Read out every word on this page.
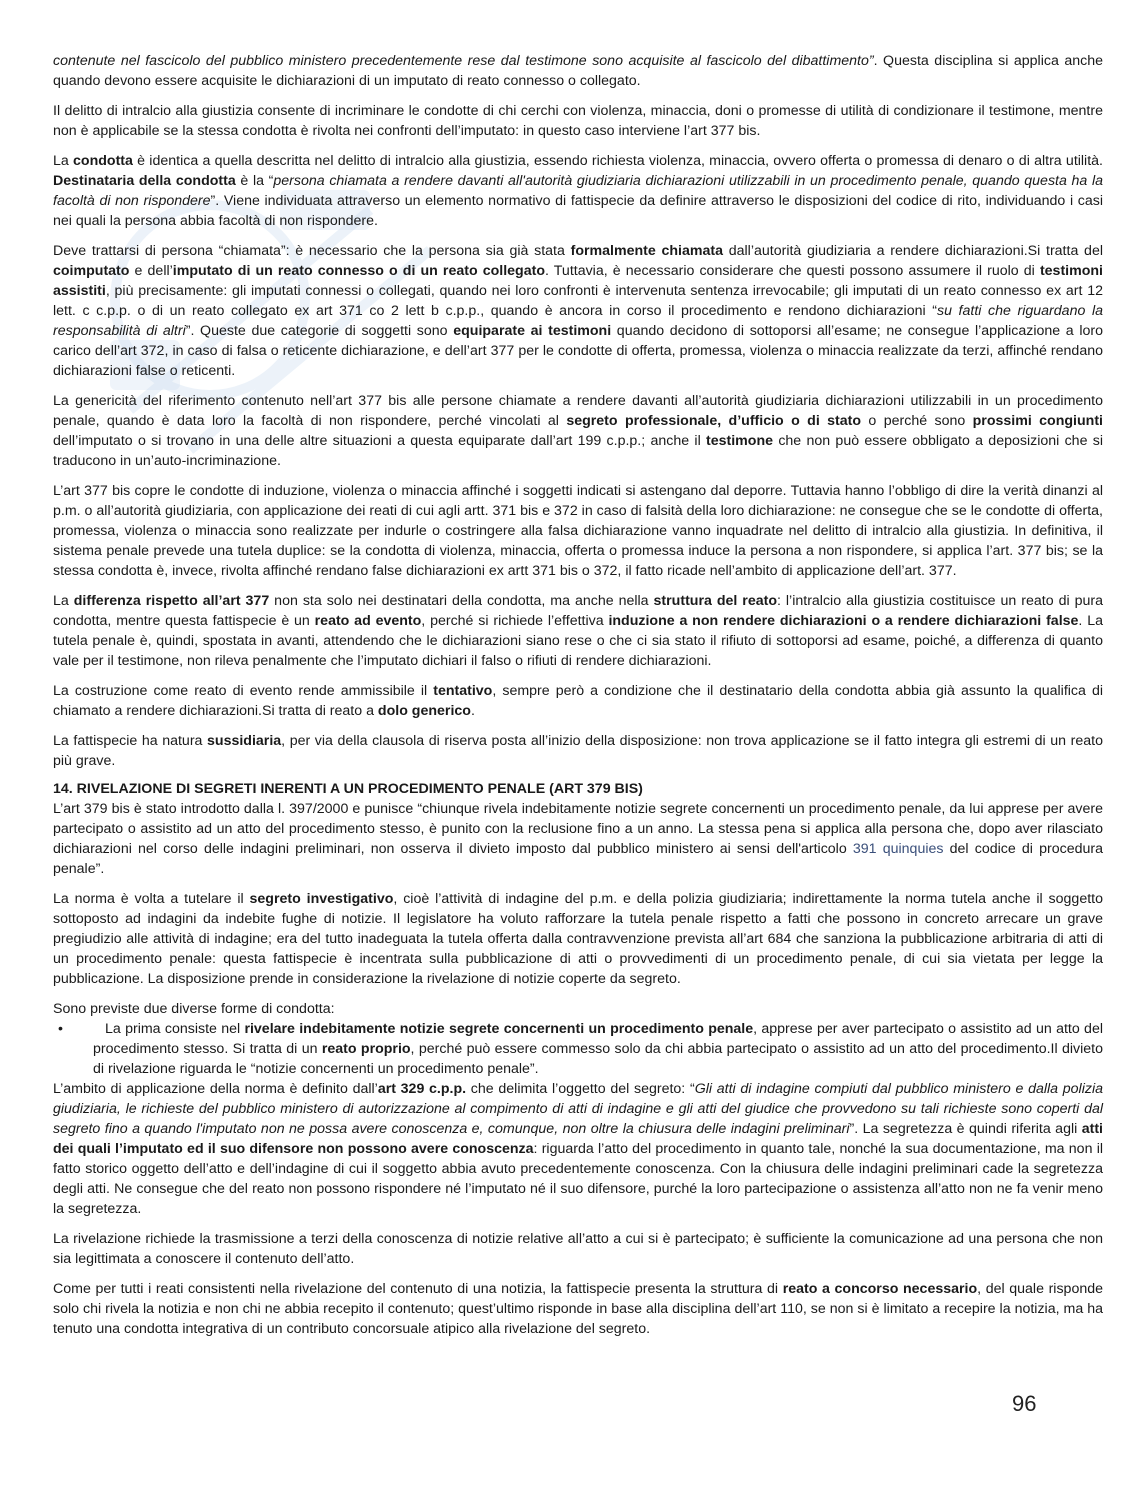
contenute nel fascicolo del pubblico ministero precedentemente rese dal testimone sono acquisite al fascicolo del dibattimento”. Questa disciplina si applica anche quando devono essere acquisite le dichiarazioni di un imputato di reato connesso o collegato.

Il delitto di intralcio alla giustizia consente di incriminare le condotte di chi cerchi con violenza, minaccia, doni o promesse di utilità di condizionare il testimone, mentre non è applicabile se la stessa condotta è rivolta nei confronti dell’imputato: in questo caso interviene l’art 377 bis.

La condotta è identica a quella descritta nel delitto di intralcio alla giustizia, essendo richiesta violenza, minaccia, ovvero offerta o promessa di denaro o di altra utilità. Destinataria della condotta è la “persona chiamata a rendere davanti all'autorità giudiziaria dichiarazioni utilizzabili in un procedimento penale, quando questa ha la facoltà di non rispondere”. Viene individuata attraverso un elemento normativo di fattispecie da definire attraverso le disposizioni del codice di rito, individuando i casi nei quali la persona abbia facoltà di non rispondere.

Deve trattarsi di persona “chiamata”: è necessario che la persona sia già stata formalmente chiamata dall’autorità giudiziaria a rendere dichiarazioni.Si tratta del coimputato e dell’imputato di un reato connesso o di un reato collegato. Tuttavia, è necessario considerare che questi possono assumere il ruolo di testimoni assistiti, più precisamente: gli imputati connessi o collegati, quando nei loro confronti è intervenuta sentenza irrevocabile; gli imputati di un reato connesso ex art 12 lett. c c.p.p. o di un reato collegato ex art 371 co 2 lett b c.p.p., quando è ancora in corso il procedimento e rendono dichiarazioni “su fatti che riguardano la responsabilità di altri”. Queste due categorie di soggetti sono equiparate ai testimoni quando decidono di sottoporsi all’esame; ne consegue l’applicazione a loro carico dell’art 372, in caso di falsa o reticente dichiarazione, e dell’art 377 per le condotte di offerta, promessa, violenza o minaccia realizzate da terzi, affinché rendano dichiarazioni false o reticenti.

La genericità del riferimento contenuto nell’art 377 bis alle persone chiamate a rendere davanti all’autorità giudiziaria dichiarazioni utilizzabili in un procedimento penale, quando è data loro la facoltà di non rispondere, perché vincolati al segreto professionale, d’ufficio o di stato o perché sono prossimi congiunti dell’imputato o si trovano in una delle altre situazioni a questa equiparate dall’art 199 c.p.p.; anche il testimone che non può essere obbligato a deposizioni che si traducono in un’auto-incriminazione.

L’art 377 bis copre le condotte di induzione, violenza o minaccia affinché i soggetti indicati si astengano dal deporre. Tuttavia hanno l’obbligo di dire la verità dinanzi al p.m. o all’autorità giudiziaria, con applicazione dei reati di cui agli artt. 371 bis e 372 in caso di falsità della loro dichiarazione: ne consegue che se le condotte di offerta, promessa, violenza o minaccia sono realizzate per indurle o costringere alla falsa dichiarazione vanno inquadrate nel delitto di intralcio alla giustizia. In definitiva, il sistema penale prevede una tutela duplice: se la condotta di violenza, minaccia, offerta o promessa induce la persona a non rispondere, si applica l’art. 377 bis; se la stessa condotta è, invece, rivolta affinché rendano false dichiarazioni ex artt 371 bis o 372, il fatto ricade nell’ambito di applicazione dell’art. 377.

La differenza rispetto all’art 377 non sta solo nei destinatari della condotta, ma anche nella struttura del reato: l’intralcio alla giustizia costituisce un reato di pura condotta, mentre questa fattispecie è un reato ad evento, perché si richiede l’effettiva induzione a non rendere dichiarazioni o a rendere dichiarazioni false. La tutela penale è, quindi, spostata in avanti, attendendo che le dichiarazioni siano rese o che ci sia stato il rifiuto di sottoporsi ad esame, poiché, a differenza di quanto vale per il testimone, non rileva penalmente che l’imputato dichiari il falso o rifiuti di rendere dichiarazioni.

La costruzione come reato di evento rende ammissibile il tentativo, sempre però a condizione che il destinatario della condotta abbia già assunto la qualifica di chiamato a rendere dichiarazioni.Si tratta di reato a dolo generico.

La fattispecie ha natura sussidiaria, per via della clausola di riserva posta all’inizio della disposizione: non trova applicazione se il fatto integra gli estremi di un reato più grave.

14. RIVELAZIONE DI SEGRETI INERENTI A UN PROCEDIMENTO PENALE (ART 379 BIS)

L’art 379 bis è stato introdotto dalla l. 397/2000 e punisce “chiunque rivela indebitamente notizie segrete concernenti un procedimento penale, da lui apprese per avere partecipato o assistito ad un atto del procedimento stesso, è punito con la reclusione fino a un anno. La stessa pena si applica alla persona che, dopo aver rilasciato dichiarazioni nel corso delle indagini preliminari, non osserva il divieto imposto dal pubblico ministero ai sensi dell'articolo 391 quinquies del codice di procedura penale”.

La norma è volta a tutelare il segreto investigativo, cioè l’attività di indagine del p.m. e della polizia giudiziaria; indirettamente la norma tutela anche il soggetto sottoposto ad indagini da indebite fughe di notizie. Il legislatore ha voluto rafforzare la tutela penale rispetto a fatti che possono in concreto arrecare un grave pregiudizio alle attività di indagine; era del tutto inadeguata la tutela offerta dalla contravvenzione prevista all’art 684 che sanziona la pubblicazione arbitraria di atti di un procedimento penale: questa fattispecie è incentrata sulla pubblicazione di atti o provvedimenti di un procedimento penale, di cui sia vietata per legge la pubblicazione. La disposizione prende in considerazione la rivelazione di notizie coperte da segreto.

Sono previste due diverse forme di condotta:

•	La prima consiste nel rivelare indebitamente notizie segrete concernenti un procedimento penale, apprese per aver partecipato o assistito ad un atto del procedimento stesso. Si tratta di un reato proprio, perché può essere commesso solo da chi abbia partecipato o assistito ad un atto del procedimento.Il divieto di rivelazione riguarda le “notizie concernenti un procedimento penale”.

L’ambito di applicazione della norma è definito dall’art 329 c.p.p. che delimita l’oggetto del segreto: “Gli atti di indagine compiuti dal pubblico ministero e dalla polizia giudiziaria, le richieste del pubblico ministero di autorizzazione al compimento di atti di indagine e gli atti del giudice che provvedono su tali richieste sono coperti dal segreto fino a quando l'imputato non ne possa avere conoscenza e, comunque, non oltre la chiusura delle indagini preliminari”. La segretezza è quindi riferita agli atti dei quali l’imputato ed il suo difensore non possono avere conoscenza: riguarda l’atto del procedimento in quanto tale, nonché la sua documentazione, ma non il fatto storico oggetto dell’atto e dell’indagine di cui il soggetto abbia avuto precedentemente conoscenza. Con la chiusura delle indagini preliminari cade la segretezza degli atti. Ne consegue che del reato non possono rispondere né l’imputato né il suo difensore, purché la loro partecipazione o assistenza all’atto non ne fa venir meno la segretezza.

La rivelazione richiede la trasmissione a terzi della conoscenza di notizie relative all’atto a cui si è partecipato; è sufficiente la comunicazione ad una persona che non sia legittimata a conoscere il contenuto dell’atto.

Come per tutti i reati consistenti nella rivelazione del contenuto di una notizia, la fattispecie presenta la struttura di reato a concorso necessario, del quale risponde solo chi rivela la notizia e non chi ne abbia recepito il contenuto; quest’ultimo risponde in base alla disciplina dell’art 110, se non si è limitato a recepire la notizia, ma ha tenuto una condotta integrativa di un contributo concorsuale atipico alla rivelazione del segreto.

96
